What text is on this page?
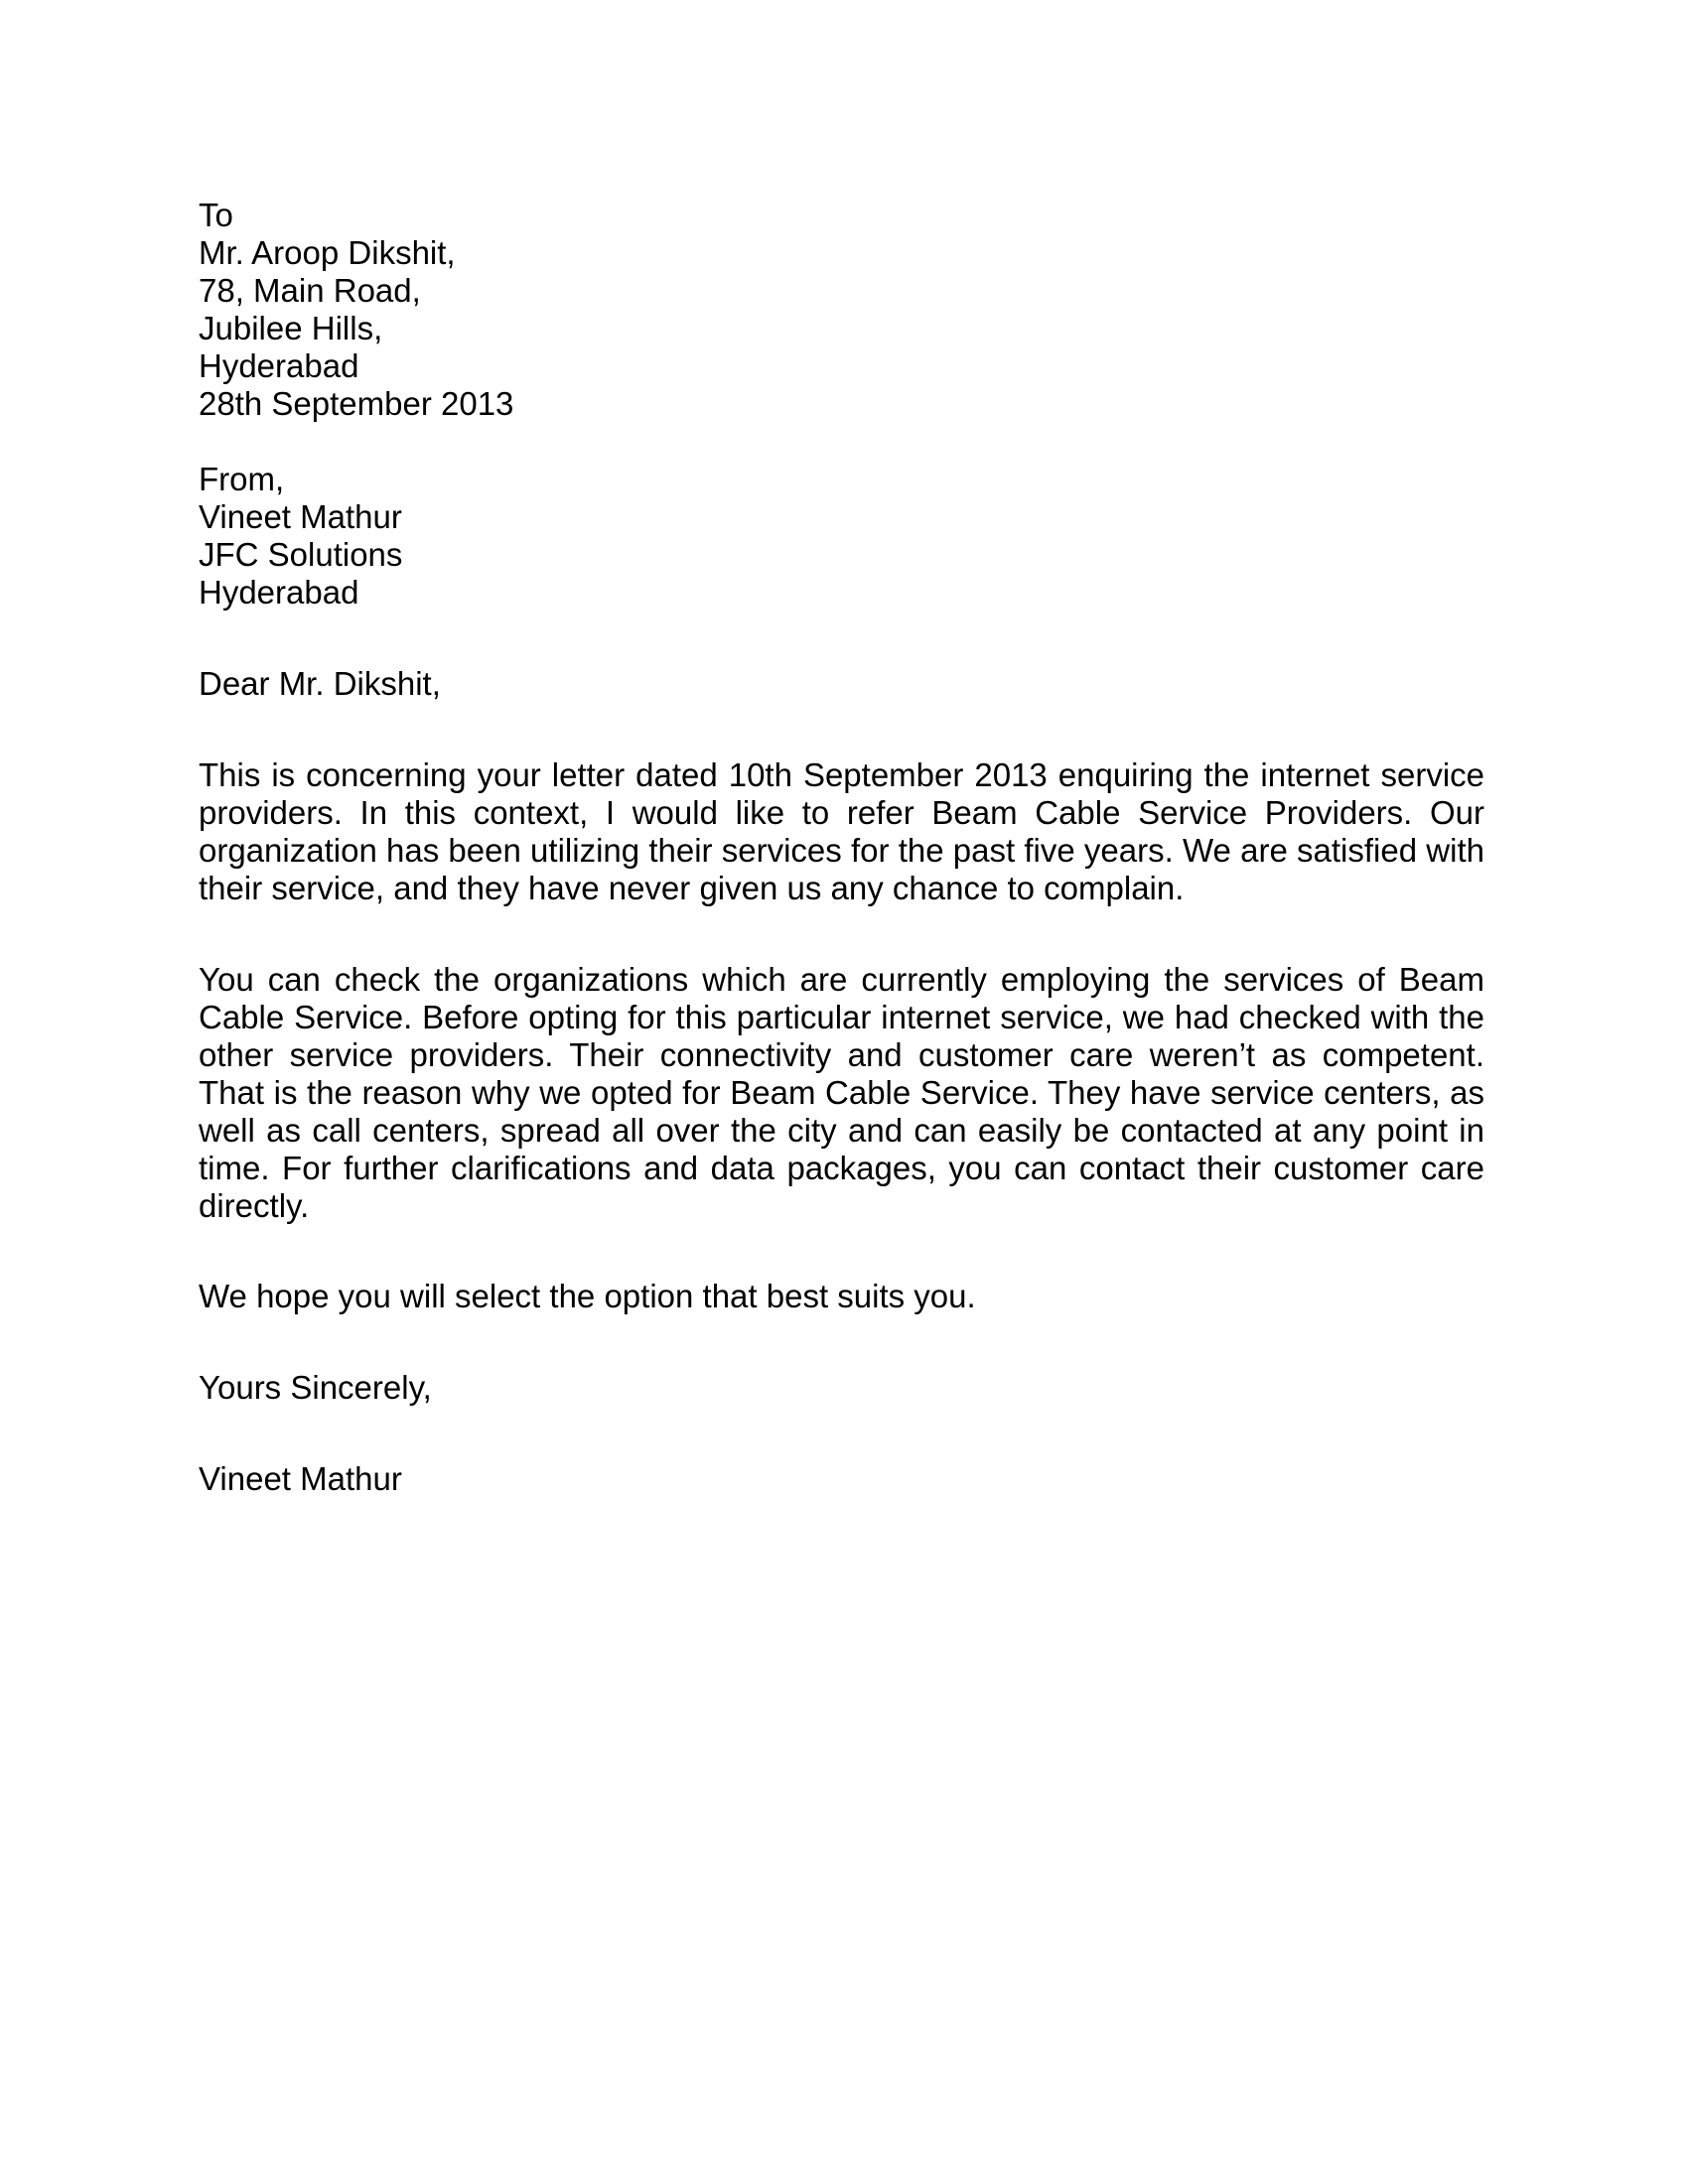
To
Mr. Aroop Dikshit,
78, Main Road,
Jubilee Hills,
Hyderabad
28th September 2013
From,
Vineet Mathur
JFC Solutions
Hyderabad

Dear Mr. Dikshit,

This is concerning your letter dated 10th September 2013 enquiring the internet service providers. In this context, I would like to refer Beam Cable Service Providers. Our organization has been utilizing their services for the past five years. We are satisfied with their service, and they have never given us any chance to complain.

You can check the organizations which are currently employing the services of Beam Cable Service. Before opting for this particular internet service, we had checked with the other service providers. Their connectivity and customer care weren’t as competent. That is the reason why we opted for Beam Cable Service. They have service centers, as well as call centers, spread all over the city and can easily be contacted at any point in time. For further clarifications and data packages, you can contact their customer care directly.

We hope you will select the option that best suits you.

Yours Sincerely,

Vineet Mathur
